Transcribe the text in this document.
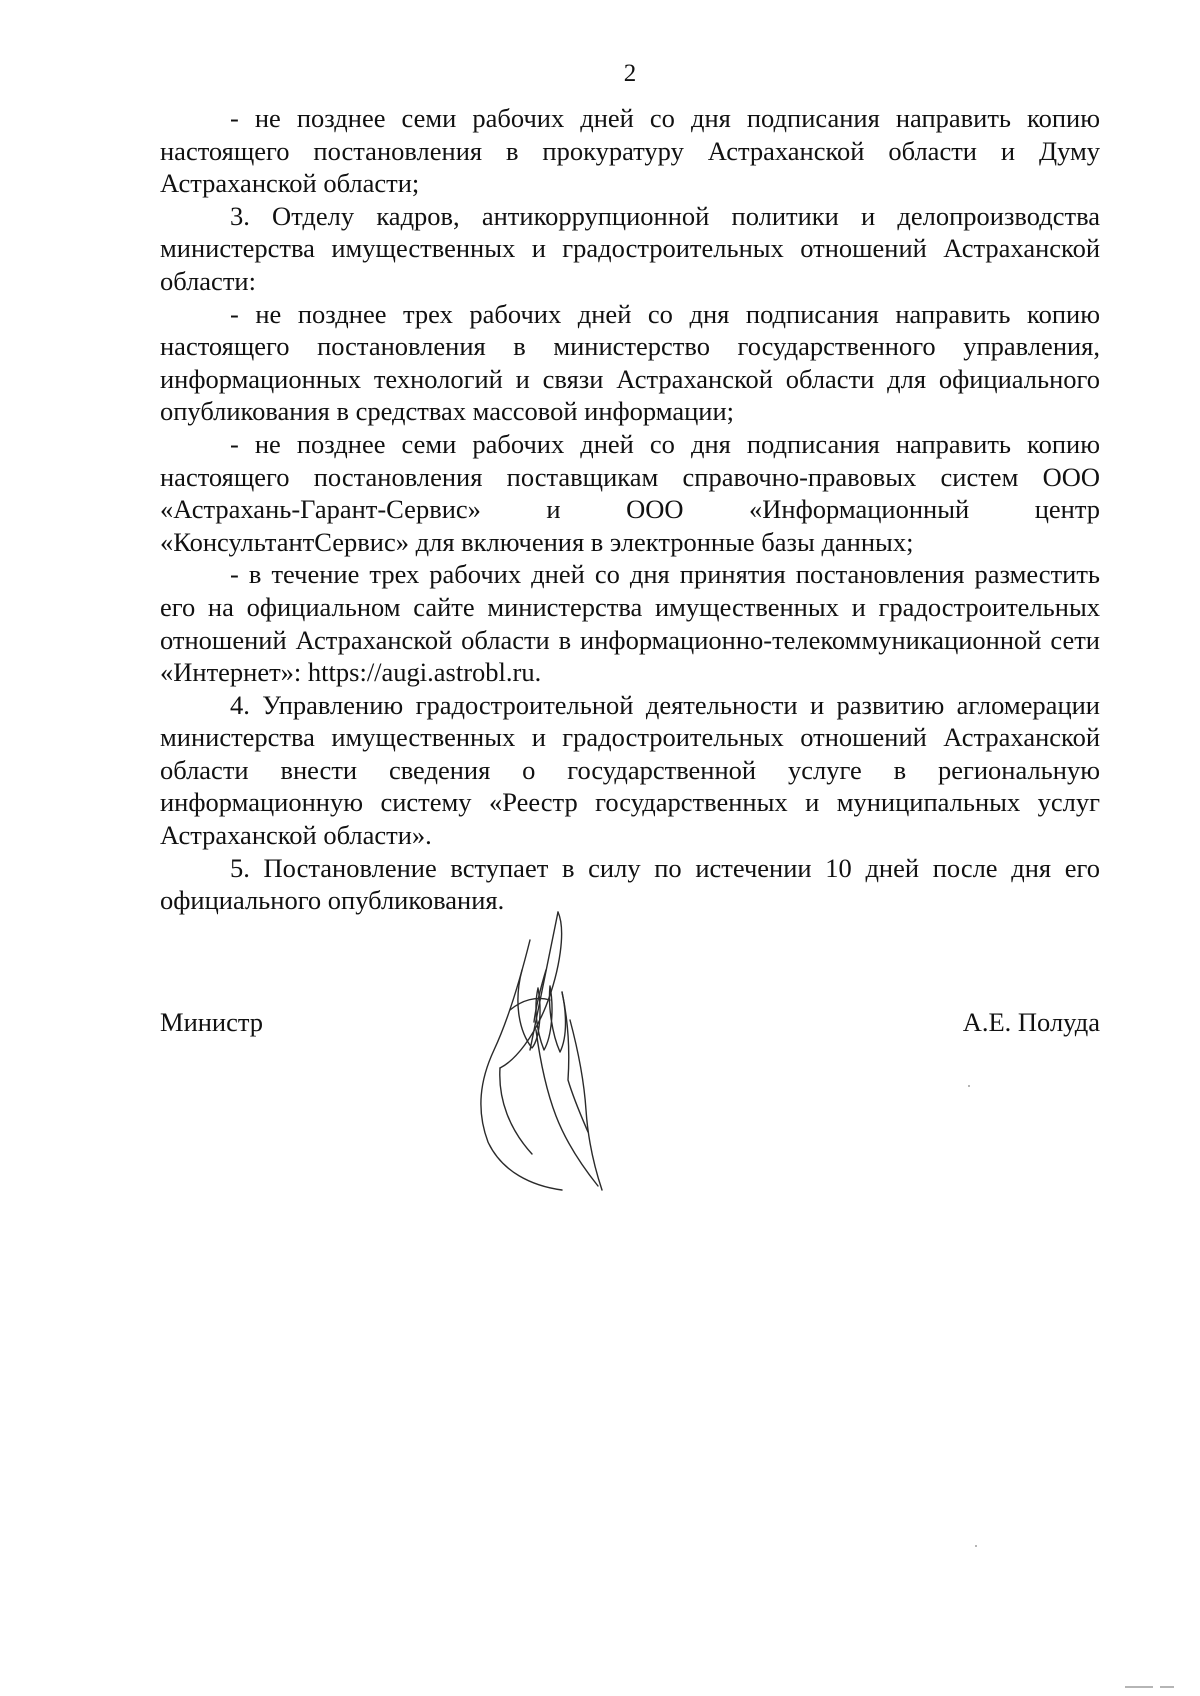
2

- не позднее семи рабочих дней со дня подписания направить копию настоящего постановления в прокуратуру Астраханской области и Думу Астраханской области;

3. Отделу кадров, антикоррупционной политики и делопроизводства министерства имущественных и градостроительных отношений Астраханской области:

- не позднее трех рабочих дней со дня подписания направить копию настоящего постановления в министерство государственного управления, информационных технологий и связи Астраханской области для официального опубликования в средствах массовой информации;

- не позднее семи рабочих дней со дня подписания направить копию настоящего постановления поставщикам справочно-правовых систем ООО «Астрахань-Гарант-Сервис» и ООО «Информационный центр «КонсультантСервис» для включения в электронные базы данных;

- в течение трех рабочих дней со дня принятия постановления разместить его на официальном сайте министерства имущественных и градостроительных отношений Астраханской области в информационно-телекоммуникационной сети «Интернет»: https://augi.astrobl.ru.

4. Управлению градостроительной деятельности и развитию агломерации министерства имущественных и градостроительных отношений Астраханской области внести сведения о государственной услуге в региональную информационную систему «Реестр государственных и муниципальных услуг Астраханской области».

5. Постановление вступает в силу по истечении 10 дней после дня его официального опубликования.

Министр	А.Е. Полуда
